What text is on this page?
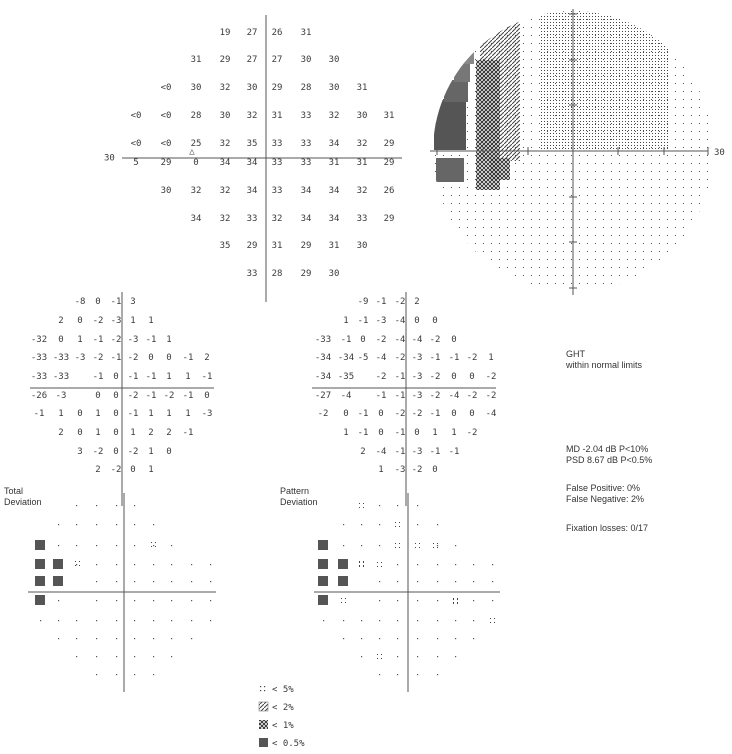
30
19 27 26 31
31 29 27 27 30 30
<0 30 32 30 29 28 30 31
<0 <0 28 30 32 31 33 32 30 31
<0 <0 25 32 35 33 33 34 32 29
5 29 0 34 34 33 33 31 31 29
30 32 32 34 33 34 34 32 26
34 32 33 32 34 34 33 29
35 29 31 29 31 30
33 28 29 30
△	30
-8 0 -1 3
2 0 -2 -3 1 1
-32 0 1 -1 -2 -3 -1 1
-33 -33 -3 -2 -1 -2 0 0 -1 2
-33 -33	-1 0 -1 -1 1 1 -1
-26 -3	0 0 -2 -1 -2 -1 0
-1 1 0 1 0 -1 1 1 1 -3
2 0 1 0 1 2 2 -1
3 -2 0 -2 1 0
2 -2 0 1
-9 -1 -2 2
1 -1 -3 -4 0 0
-33 -1 0 -2 -4 -4 -2 0
-34 -34 -5 -4 -2 -3 -1 -1 -2 1
-34 -35 -2 -1 -3 -2 0 0 -2
-27 -4	-1 -1 -3 -2 -4 -2 -2
-2 0 -1 0 -2 -2 -1 0 0 -4
1 -1 0 -1 0 1 1 -2
2 -4 -1 -3 -1 -1
1 -3 -2 0
Total
Deviation
Pattern
Deviation
GHT
within normal limits
MD -2.04 dB P<10%
PSD 8.67 dB P<0.5%
False Positive: 0%
False Negative: 2%
Fixation losses: 0/17
< 5%
< 2%
< 1%
< 0.5%
